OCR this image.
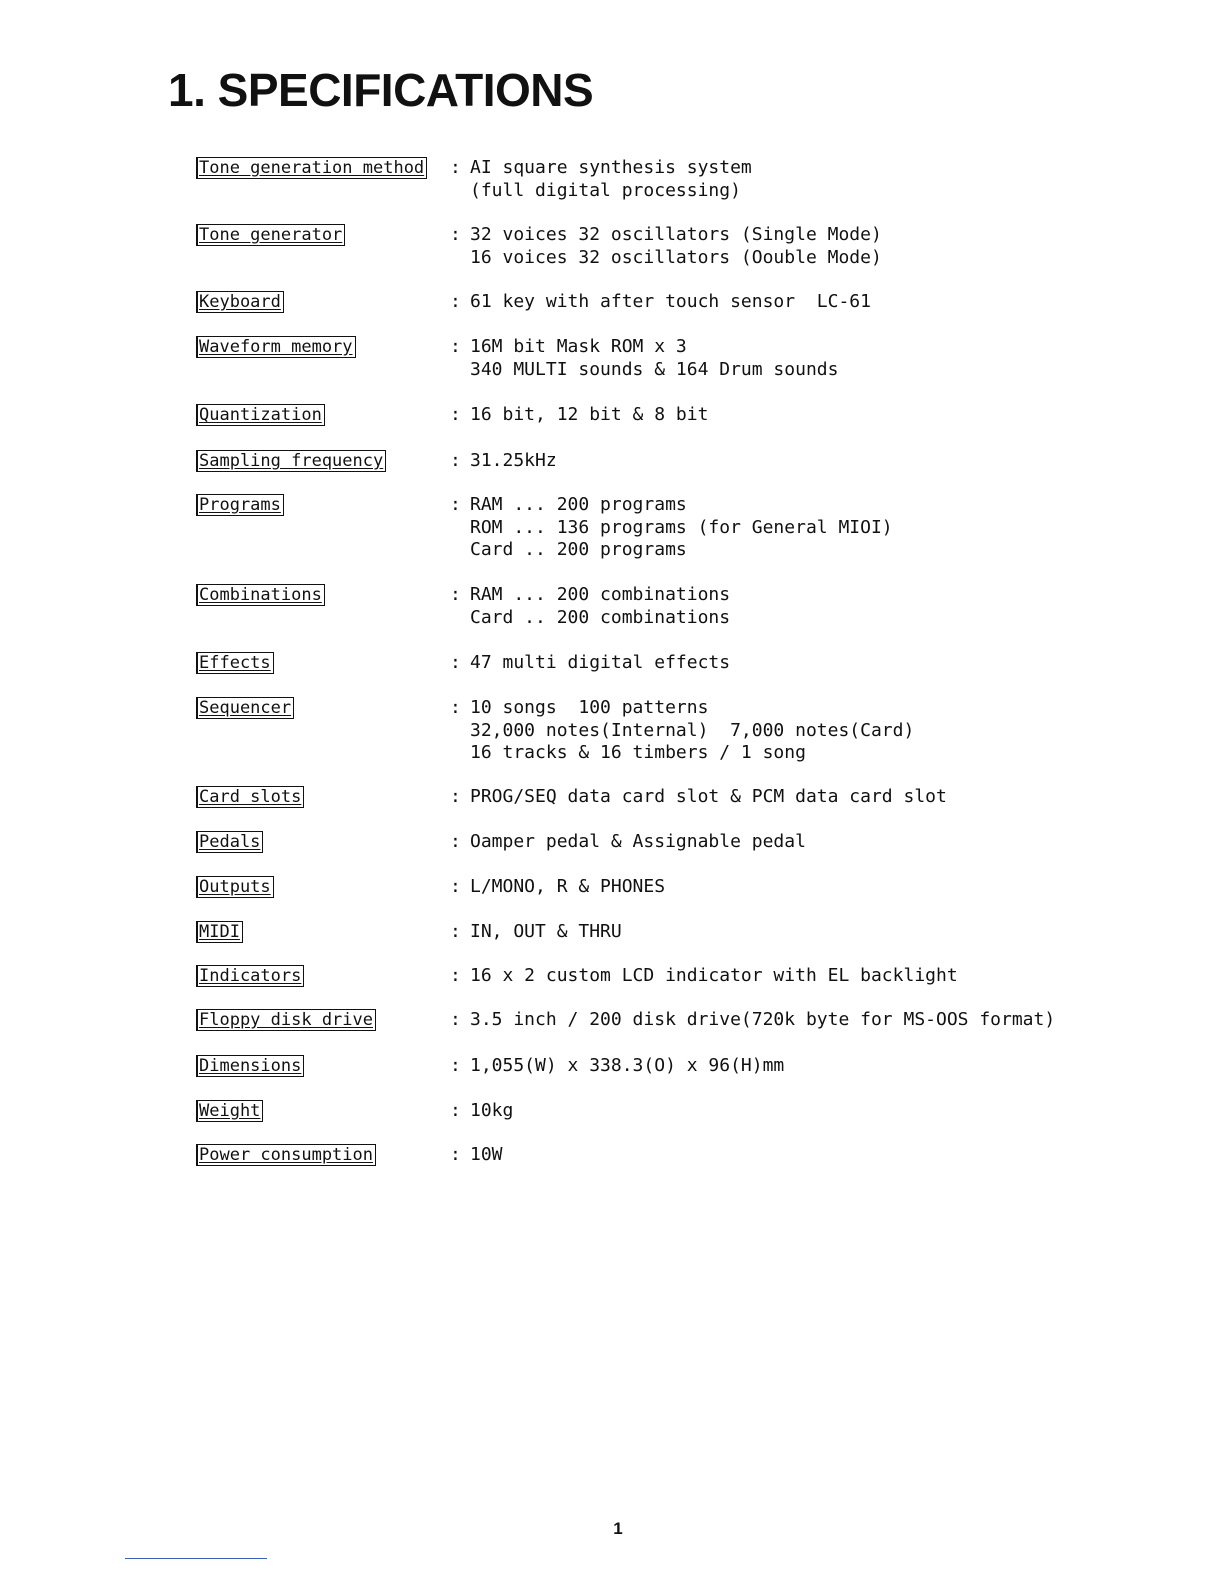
1. SPECIFICATIONS
Tone generation method : AI square synthesis system
(full digital processing)
Tone generator	: 32 voices 32 oscillators (Single Mode)
16 voices 32 oscillators (Oouble Mode)
Keyboard	: 61 key with after touch sensor  LC-61
Waveform memory	: 16M bit Mask ROM x 3
340 MULTI sounds & 164 Drum sounds
Quantization	: 16 bit, 12 bit & 8 bit
Sampling frequency	: 31.25kHz
Programs	: RAM ... 200 programs
ROM ... 136 programs (for General MIOI)
Card .. 200 programs
Combinations	: RAM ... 200 combinations
Card .. 200 combinations
Effects	: 47 multi digital effects
Sequencer	: 10 songs  100 patterns
32,000 notes(Internal)  7,000 notes(Card)
16 tracks & 16 timbers / 1 song
Card slots	: PROG/SEQ data card slot & PCM data card slot
Pedals	: Oamper pedal & Assignable pedal
Outputs	: L/MONO, R & PHONES
MIDI	: IN, OUT & THRU
Indicators	: 16 x 2 custom LCD indicator with EL backlight
Floppy disk drive	: 3.5 inch / 200 disk drive(720k byte for MS-OOS format)
Dimensions	: 1,055(W) x 338.3(O) x 96(H)mm
Weight	: 10kg
Power consumption	: 10W
1
